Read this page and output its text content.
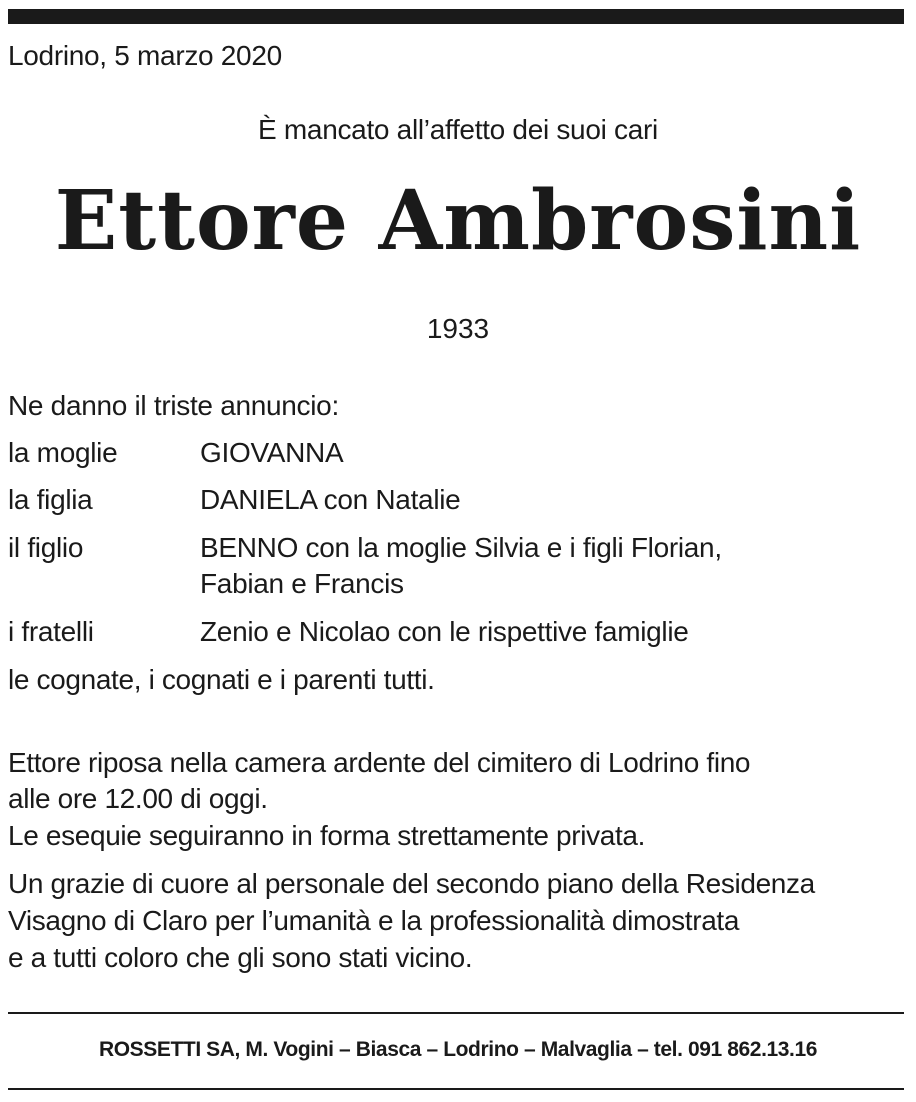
Lodrino, 5 marzo 2020
È mancato all’affetto dei suoi cari
Ettore Ambrosini
1933
Ne danno il triste annuncio:
la moglie	GIOVANNA
la figlia	DANIELA con Natalie
il figlio	BENNO con la moglie Silvia e i figli Florian,
Fabian e Francis
i fratelli	Zenio e Nicolao con le rispettive famiglie
le cognate, i cognati e i parenti tutti.
Ettore riposa nella camera ardente del cimitero di Lodrino fino
alle ore 12.00 di oggi.
Le esequie seguiranno in forma strettamente privata.
Un grazie di cuore al personale del secondo piano della Residenza
Visagno di Claro per l’umanità e la professionalità dimostrata
e a tutti coloro che gli sono stati vicino.
ROSSETTI SA, M. Vogini – Biasca – Lodrino – Malvaglia – tel. 091 862.13.16
